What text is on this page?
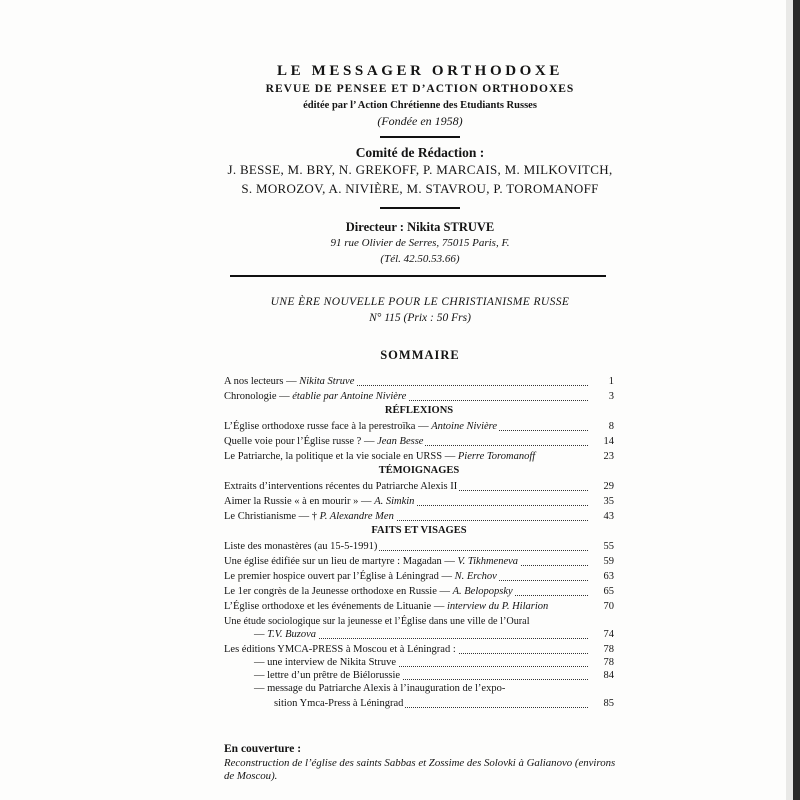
LE MESSAGER ORTHODOXE
REVUE DE PENSEE ET D’ACTION ORTHODOXES
éditée par l’ Action Chrétienne des Etudiants Russes
(Fondée en 1958)
Comité de Rédaction :
J. BESSE, M. BRY, N. GREKOFF, P. MARCAIS, M. MILKOVITCH,
S. MOROZOV, A. NIVIÈRE, M. STAVROU, P. TOROMANOFF
Directeur : Nikita STRUVE
91 rue Olivier de Serres, 75015 Paris, F.
(Tél. 42.50.53.66)
UNE ÈRE NOUVELLE POUR LE CHRISTIANISME RUSSE
N° 115 (Prix : 50 Frs)
SOMMAIRE
A nos lecteurs — Nikita Struve	1
Chronologie — établie par Antoine Nivière	3
RÉFLEXIONS
L’Église orthodoxe russe face à la perestroïka — Antoine Nivière	8
Quelle voie pour l’Église russe ? — Jean Besse	14
Le Patriarche, la politique et la vie sociale en URSS — Pierre Toromanoff	23
TÉMOIGNAGES
Extraits d’interventions récentes du Patriarche Alexis II	29
Aimer la Russie « à en mourir » — A. Simkin	35
Le Christianisme — † P. Alexandre Men	43
FAITS ET VISAGES
Liste des monastères (au 15-5-1991)	55
Une église édifiée sur un lieu de martyre : Magadan — V. Tikhmeneva	59
Le premier hospice ouvert par l’Église à Léningrad — N. Erchov	63
Le 1er congrès de la Jeunesse orthodoxe en Russie — A. Belopopsky	65
L’Église orthodoxe et les événements de Lituanie — interview du P. Hilarion	70
Une étude sociologique sur la jeunesse et l’Église dans une ville de l’Oural
— T.V. Buzova	74
Les éditions YMCA-PRESS à Moscou et à Léningrad :	78
— une interview de Nikita Struve	78
— lettre d’un prêtre de Biélorussie	84
— message du Patriarche Alexis à l’inauguration de l’expo-
sition Ymca-Press à Léningrad	85
En couverture :
Reconstruction de l’église des saints Sabbas et Zossime des Solovki à Galianovo (environs de Moscou).
